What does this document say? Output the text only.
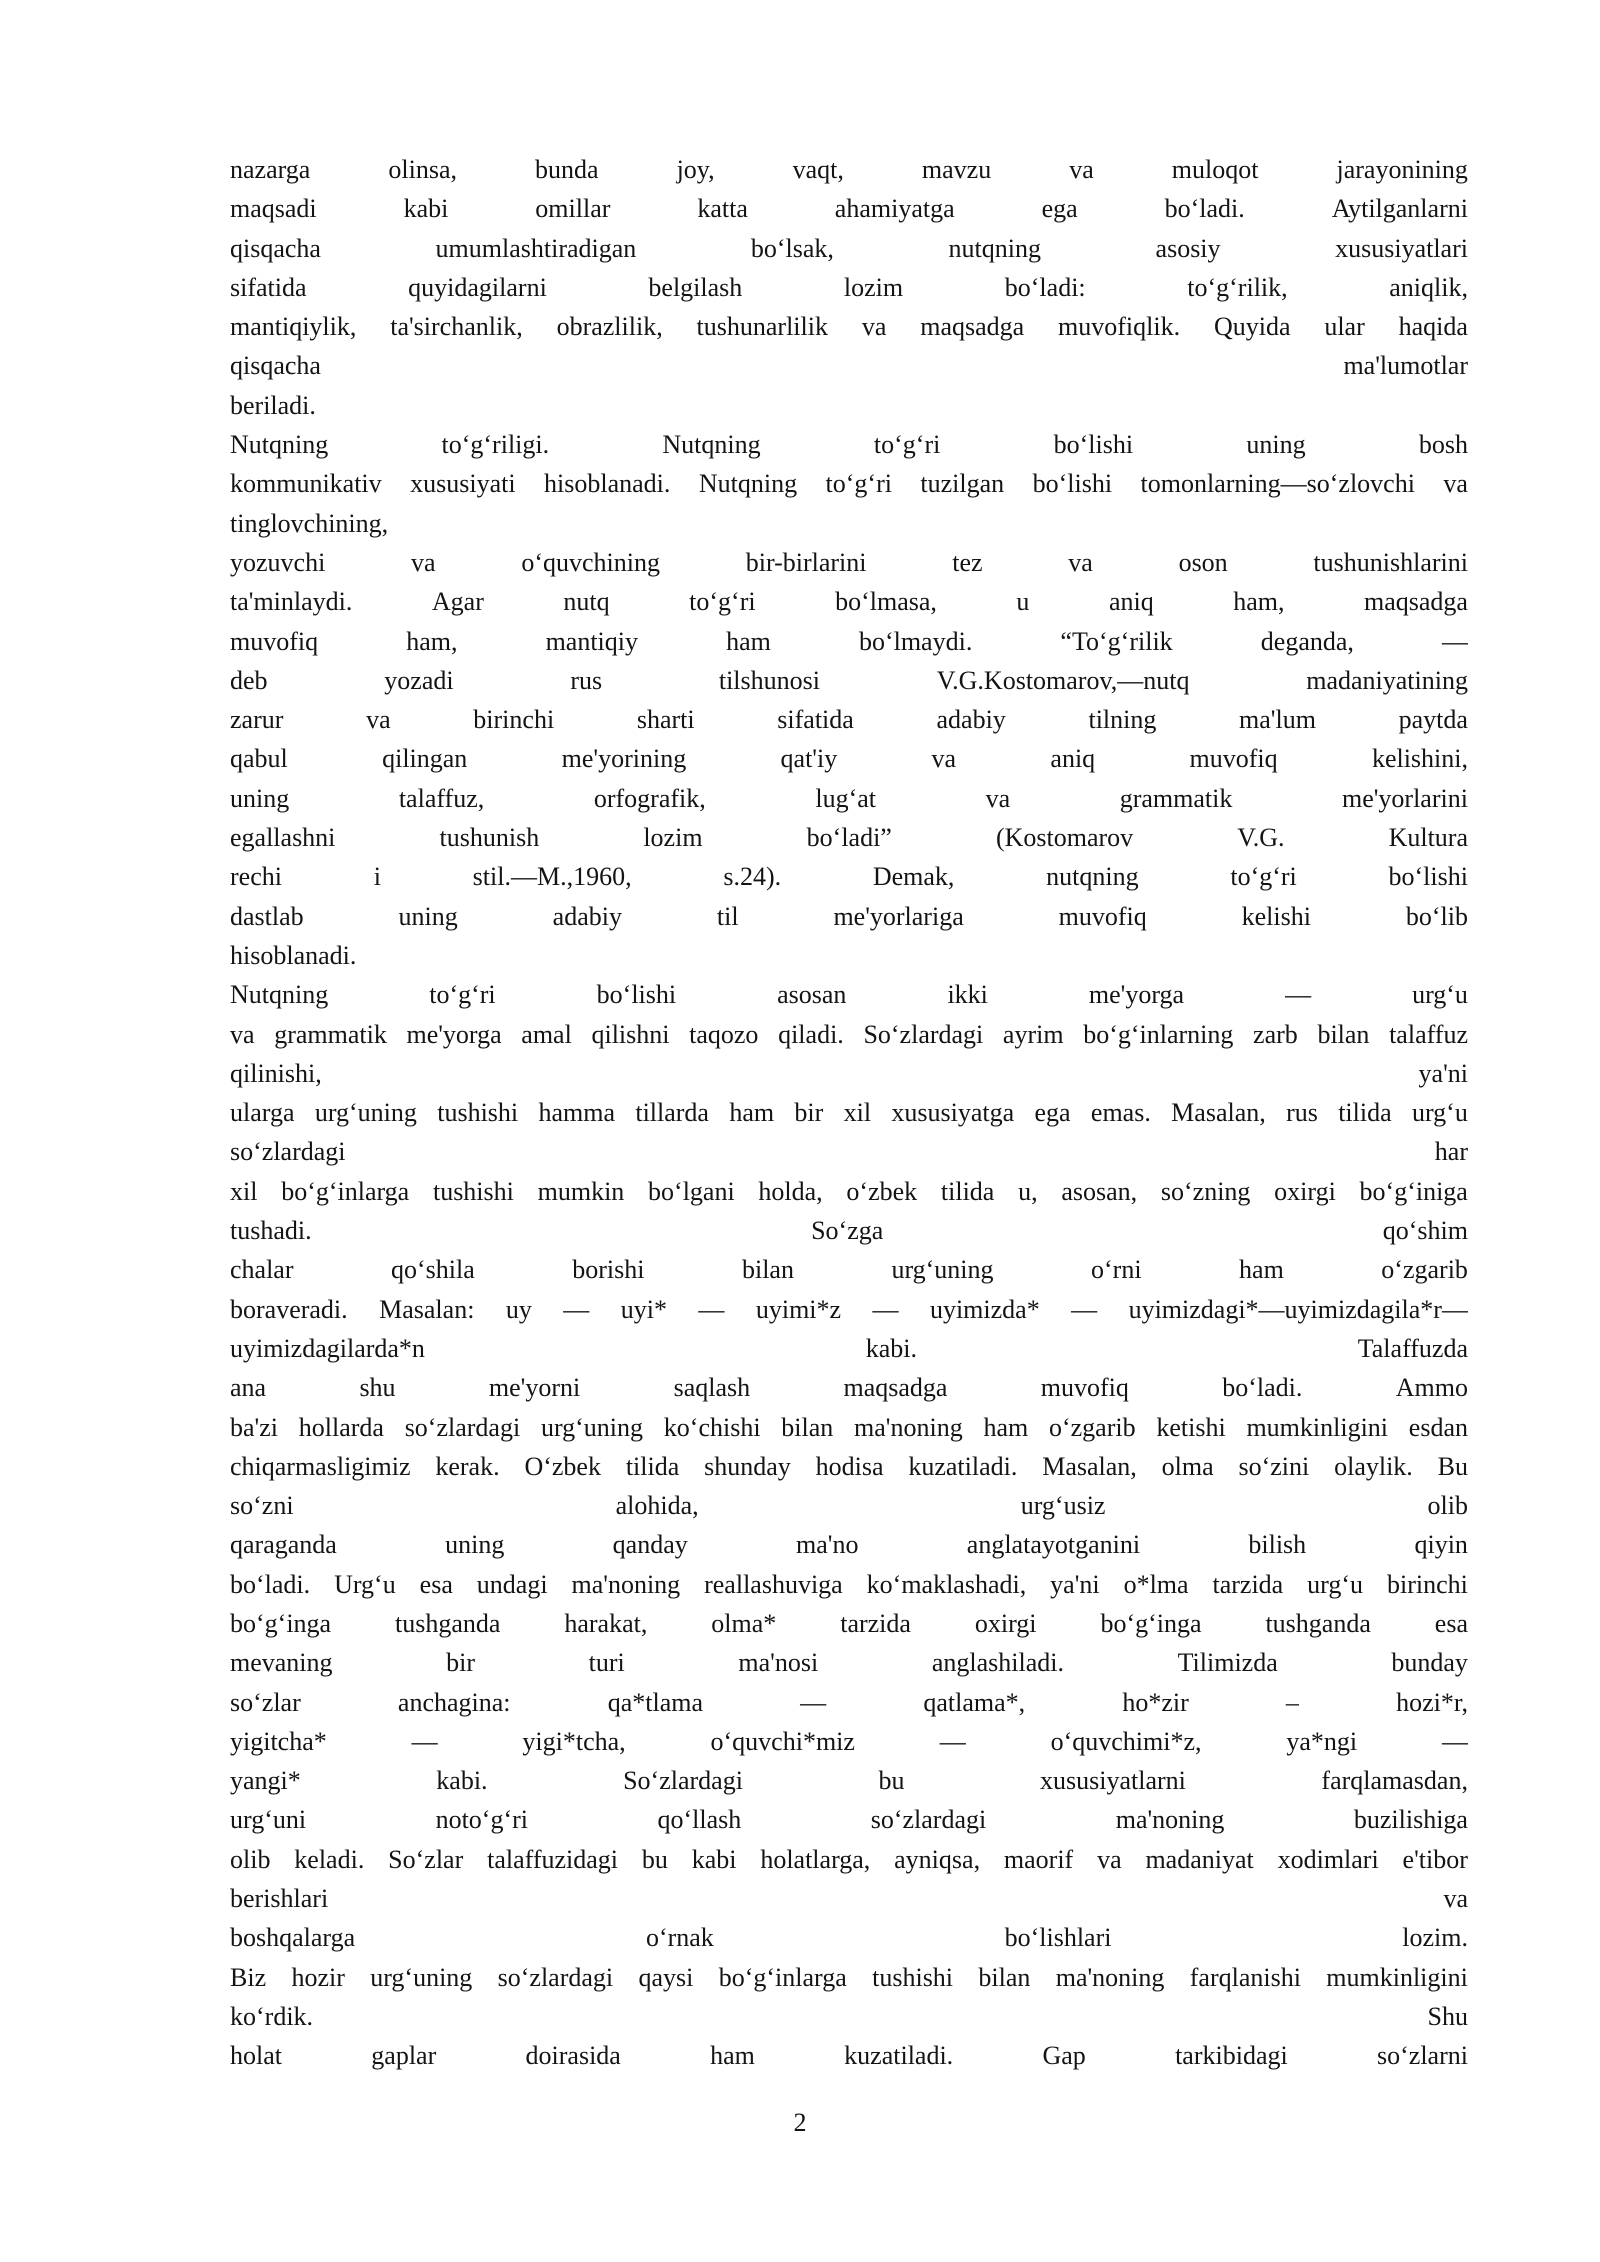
nazarga	olinsa,	bunda	joy,	vaqt,	mavzu	va	muloqot	jarayonining
maqsadi	kabi	omillar	katta	ahamiyatga	ega	bo‘ladi.	Aytilganlarni
qisqacha	umumlashtiradigan	bo‘lsak,	nutqning	asosiy	xususiyatlari
sifatida	quyidagilarni	belgilash	lozim	bo‘ladi:	to‘g‘rilik,	aniqlik,
mantiqiylik, ta'sirchanlik, obrazlilik, tushunarlilik va maqsadga muvofiqlik. Quyida ular haqida
qisqacha	ma'lumotlar
beriladi.
Nutqning	to‘g‘riligi.	Nutqning	to‘g‘ri	bo‘lishi	uning	bosh
kommunikativ xususiyati hisoblanadi. Nutqning to‘g‘ri tuzilgan bo‘lishi tomonlarning—so‘zlovchi va
tinglovchining,
yozuvchi	va	o‘quvchining	bir-birlarini	tez	va	oson	tushunishlarini
ta'minlaydi.	Agar	nutq	to‘g‘ri	bo‘lmasa,	u	aniq	ham,	maqsadga
muvofiq	ham,	mantiqiy	ham	bo‘lmaydi.	“To‘g‘rilik	deganda,	—
deb	yozadi	rus	tilshunosi	V.G.Kostomarov,—nutq	madaniyatining
zarur	va	birinchi	sharti	sifatida	adabiy	tilning	ma'lum	paytda
qabul	qilingan	me'yorining	qat'iy	va	aniq	muvofiq	kelishini,
uning	talaffuz,	orfografik,	lug‘at	va	grammatik	me'yorlarini
egallashni	tushunish	lozim	bo‘ladi”	(Kostomarov	V.G.	Kultura
rechi	i	stil.—M.,1960,	s.24).	Demak,	nutqning	to‘g‘ri	bo‘lishi
dastlab	uning	adabiy	til	me'yorlariga	muvofiq	kelishi	bo‘lib
hisoblanadi.
Nutqning	to‘g‘ri	bo‘lishi	asosan	ikki	me'yorga	—	urg‘u
va grammatik me'yorga amal qilishni taqozo qiladi. So‘zlardagi ayrim bo‘g‘inlarning zarb bilan talaffuz
qilinishi,	ya'ni
ularga urg‘uning tushishi hamma tillarda ham bir xil xususiyatga ega emas. Masalan, rus tilida urg‘u
so‘zlardagi	har
xil bo‘g‘inlarga tushishi mumkin bo‘lgani holda, o‘zbek tilida u, asosan, so‘zning oxirgi bo‘g‘iniga
tushadi.	So‘zga	qo‘shim
chalar	qo‘shila	borishi	bilan	urg‘uning	o‘rni	ham	o‘zgarib
boraveradi. Masalan: uy — uyi* — uyimi*z — uyimizda* — uyimizdagi*—uyimizdagila*r—
uyimizdagilarda*n	kabi.	Talaffuzda
ana	shu	me'yorni	saqlash	maqsadga	muvofiq	bo‘ladi.	Ammo
ba'zi hollarda so‘zlardagi urg‘uning ko‘chishi bilan ma'noning ham o‘zgarib ketishi mumkinligini esdan
chiqarmasligimiz kerak. O‘zbek tilida shunday hodisa kuzatiladi. Masalan, olma so‘zini olaylik. Bu
so‘zni	alohida,	urg‘usiz	olib
qaraganda	uning	qanday	ma'no	anglatayotganini	bilish	qiyin
bo‘ladi. Urg‘u esa undagi ma'noning reallashuviga ko‘maklashadi, ya'ni o*lma tarzida urg‘u birinchi
bo‘g‘inga tushganda harakat, olma* tarzida oxirgi bo‘g‘inga tushganda esa
mevaning	bir	turi	ma'nosi	anglashiladi.	Tilimizda	bunday
so‘zlar	anchagina:	qa*tlama	—	qatlama*,	ho*zir	–	hozi*r,
yigitcha*	—	yigi*tcha,	o‘quvchi*miz	—	o‘quvchimi*z,	ya*ngi	—
yangi*	kabi.	So‘zlardagi	bu	xususiyatlarni	farqlamasdan,
urg‘uni	noto‘g‘ri	qo‘llash	so‘zlardagi	ma'noning	buzilishiga
olib keladi. So‘zlar talaffuzidagi bu kabi holatlarga, ayniqsa, maorif va madaniyat xodimlari e'tibor
berishlari	va
boshqalarga	o‘rnak	bo‘lishlari	lozim.
Biz hozir urg‘uning so‘zlardagi qaysi bo‘g‘inlarga tushishi bilan ma'noning farqlanishi mumkinligini
ko‘rdik.	Shu
holat	gaplar	doirasida	ham	kuzatiladi.	Gap	tarkibidagi	so‘zlarni
2
